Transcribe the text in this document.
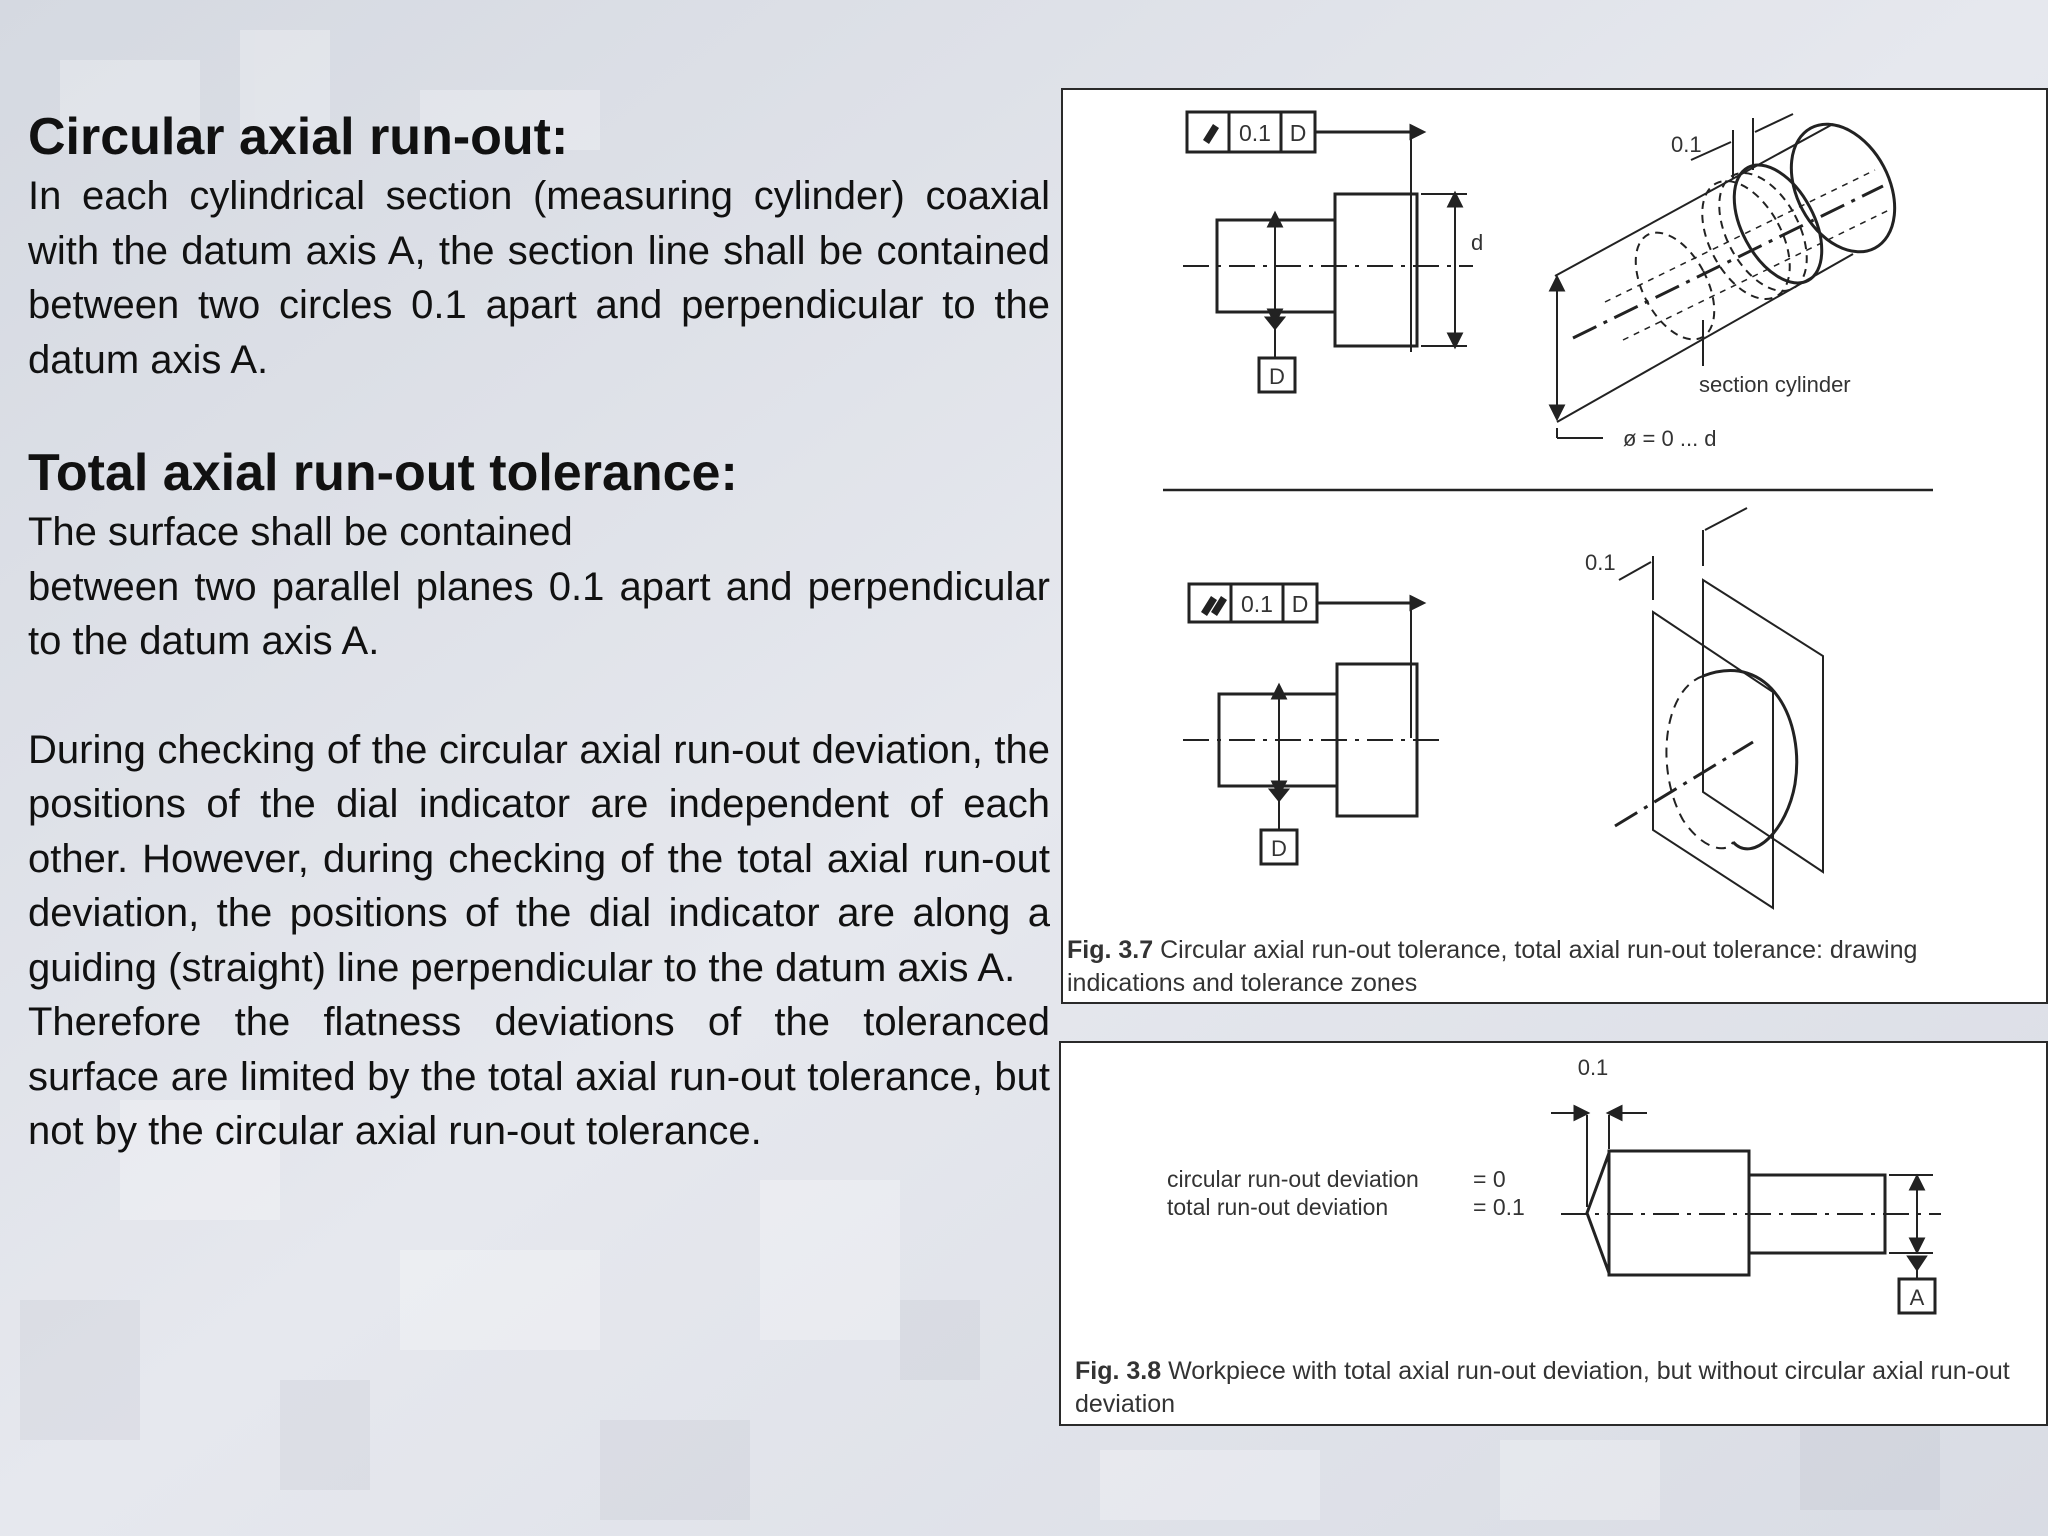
Circular axial run-out:

In each cylindrical section (measuring cylinder) coaxial with the datum axis A, the section line shall be contained between two circles 0.1 apart and perpendicular to the datum axis A.

Total axial run-out tolerance:

The surface shall be contained

between two parallel planes 0.1 apart and perpendicular to the datum axis A.

During checking of the circular axial run-out deviation, the positions of the dial indicator are independent of each other. However, during checking of the total axial run-out deviation, the positions of the dial indicator are along a guiding (straight) line perpendicular to the datum axis A.

Therefore the flatness deviations of the toleranced surface are limited by the total axial run-out tolerance, but not by the circular axial run-out tolerance.

0.1 D
D
d
0.1
section cylinder
ø = 0 ... d
0.1 D
D
0.1
Fig. 3.7 Circular axial run-out tolerance, total axial run-out tolerance: drawing indications and tolerance zones
0.1
circular run-out deviation = 0
total run-out deviation	= 0.1
A
Fig. 3.8 Workpiece with total axial run-out deviation, but without circular axial run-out deviation
